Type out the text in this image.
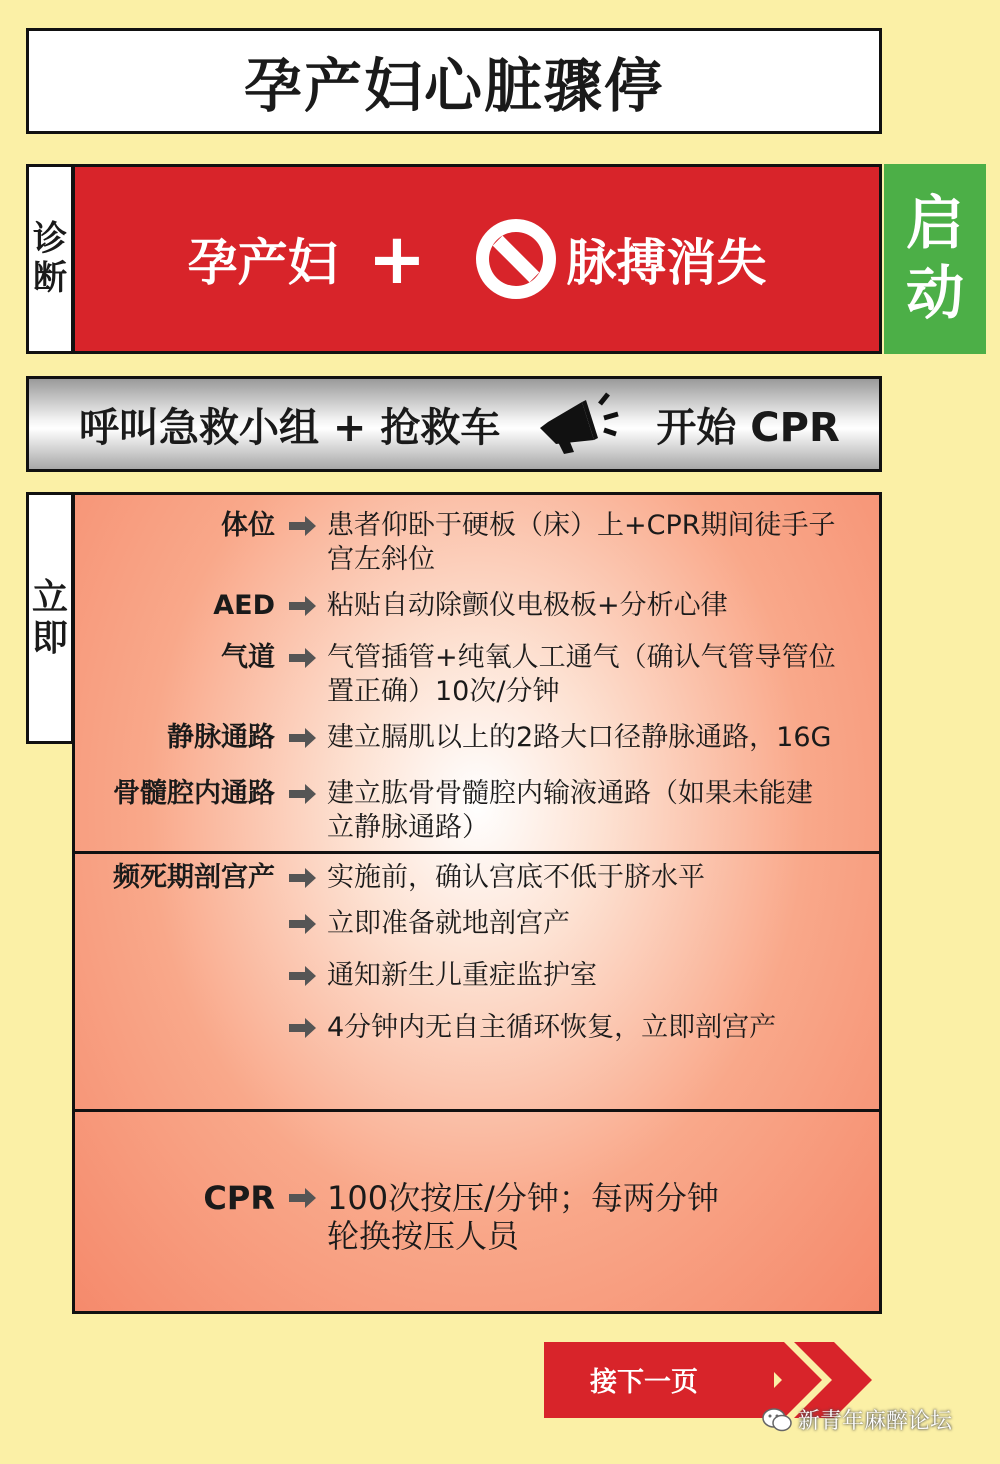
孕产妇心脏骤停
诊
断 孕产妇 +	脉搏消失
启
动
呼叫急救小组 + 抢救车	开始 CPR
立
即
体位 患者仰卧于硬板（床）上+CPR期间徒手子
宫左斜位
AED 粘贴自动除颤仪电极板+分析心律
气道 气管插管+纯氧人工通气（确认气管导管位
置正确）10次/分钟
静脉通路 建立膈肌以上的2路大口径静脉通路，16G
骨髓腔内通路 建立肱骨骨髓腔内输液通路（如果未能建
立静脉通路）
频死期剖宫产 实施前，确认宫底不低于脐水平
立即准备就地剖宫产
通知新生儿重症监护室
4分钟内无自主循环恢复，立即剖宫产
CPR 100次按压/分钟；每两分钟
轮换按压人员
接下一页
新青年麻醉论坛
